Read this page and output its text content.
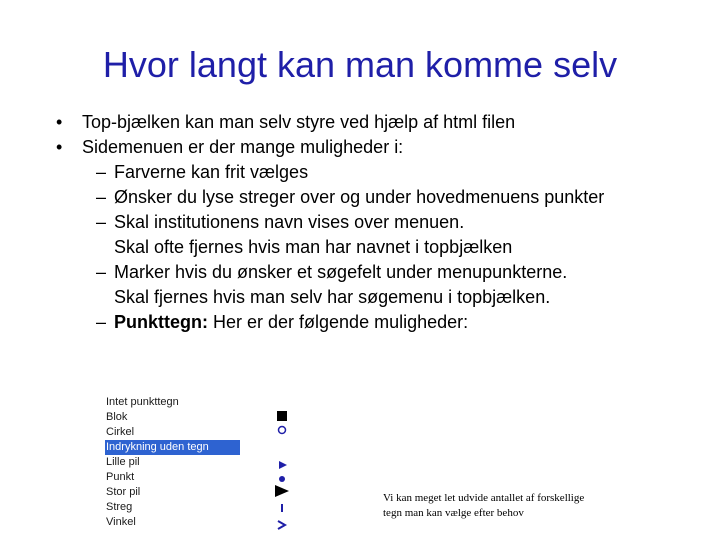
Hvor langt kan man komme selv
• Top-bjælken kan man selv styre ved hjælp af html filen
• Sidemenuen er der mange muligheder i:
– Farverne kan frit vælges
– Ønsker du lyse streger over og under hovedmenuens punkter
– Skal institutionens navn vises over menuen.
Skal ofte fjernes hvis man har navnet i topbjælken
– Marker hvis du ønsker et søgefelt under menupunkterne.
Skal fjernes hvis man selv har søgemenu i topbjælken.
– Punkttegn: Her er der følgende muligheder:
Intet punkttegn
Blok
Cirkel
Indrykning uden tegn
Lille pil
Punkt
Stor pil
Streg
Vinkel
Vi kan meget let udvide antallet af forskellige
tegn man kan vælge efter behov
